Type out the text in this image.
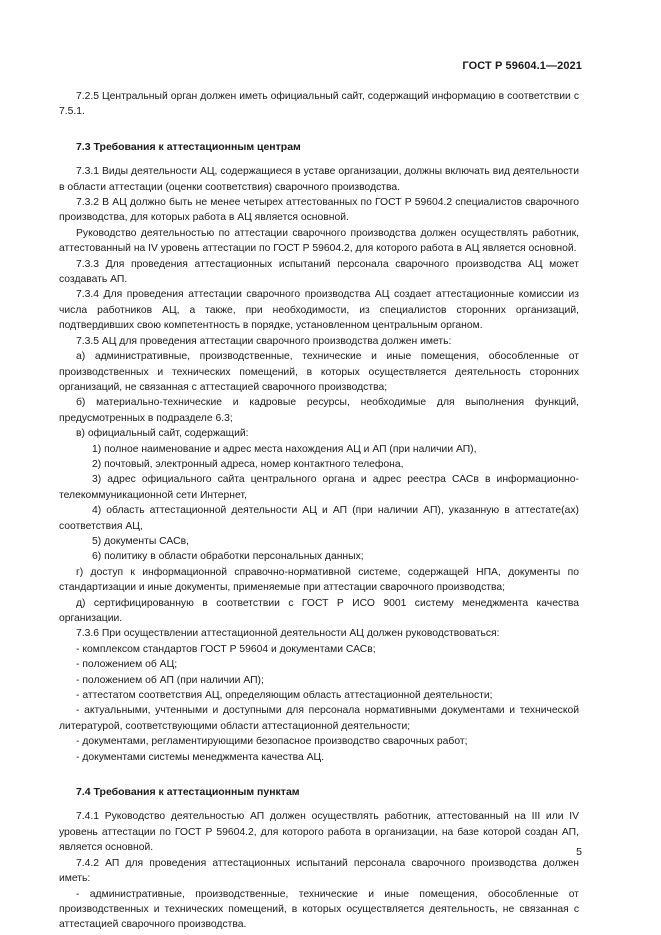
ГОСТ Р 59604.1—2021

7.2.5 Центральный орган должен иметь официальный сайт, содержащий информацию в соответствии с 7.5.1.

7.3 Требования к аттестационным центрам

7.3.1 Виды деятельности АЦ, содержащиеся в уставе организации, должны включать вид деятельности в области аттестации (оценки соответствия) сварочного производства.

7.3.2 В АЦ должно быть не менее четырех аттестованных по ГОСТ Р 59604.2 специалистов сварочного производства, для которых работа в АЦ является основной.

Руководство деятельностью по аттестации сварочного производства должен осуществлять работник, аттестованный на IV уровень аттестации по ГОСТ Р 59604.2, для которого работа в АЦ является основной.

7.3.3 Для проведения аттестационных испытаний персонала сварочного производства АЦ может создавать АП.

7.3.4 Для проведения аттестации сварочного производства АЦ создает аттестационные комиссии из числа работников АЦ, а также, при необходимости, из специалистов сторонних организаций, подтвердивших свою компетентность в порядке, установленном центральным органом.

7.3.5 АЦ для проведения аттестации сварочного производства должен иметь:

а) административные, производственные, технические и иные помещения, обособленные от производственных и технических помещений, в которых осуществляется деятельность сторонних организаций, не связанная с аттестацией сварочного производства;

б) материально-технические и кадровые ресурсы, необходимые для выполнения функций, предусмотренных в подразделе 6.3;

в) официальный сайт, содержащий:

1) полное наименование и адрес места нахождения АЦ и АП (при наличии АП),

2) почтовый, электронный адреса, номер контактного телефона,

3) адрес официального сайта центрального органа и адрес реестра САСв в информационно-телекоммуникационной сети Интернет,

4) область аттестационной деятельности АЦ и АП (при наличии АП), указанную в аттестате(ах) соответствия АЦ,

5) документы САСв,

6) политику в области обработки персональных данных;

г) доступ к информационной справочно-нормативной системе, содержащей НПА, документы по стандартизации и иные документы, применяемые при аттестации сварочного производства;

д) сертифицированную в соответствии с ГОСТ Р ИСО 9001 систему менеджмента качества организации.

7.3.6 При осуществлении аттестационной деятельности АЦ должен руководствоваться:

- комплексом стандартов ГОСТ Р 59604 и документами САСв;

- положением об АЦ;

- положением об АП (при наличии АП);

- аттестатом соответствия АЦ, определяющим область аттестационной деятельности;

- актуальными, учтенными и доступными для персонала нормативными документами и технической литературой, соответствующими области аттестационной деятельности;

- документами, регламентирующими безопасное производство сварочных работ;

- документами системы менеджмента качества АЦ.

7.4 Требования к аттестационным пунктам

7.4.1 Руководство деятельностью АП должен осуществлять работник, аттестованный на III или IV уровень аттестации по ГОСТ Р 59604.2, для которого работа в организации, на базе которой создан АП, является основной.

7.4.2 АП для проведения аттестационных испытаний персонала сварочного производства должен иметь:

- административные, производственные, технические и иные помещения, обособленные от производственных и технических помещений, в которых осуществляется деятельность, не связанная с аттестацией сварочного производства.

5
